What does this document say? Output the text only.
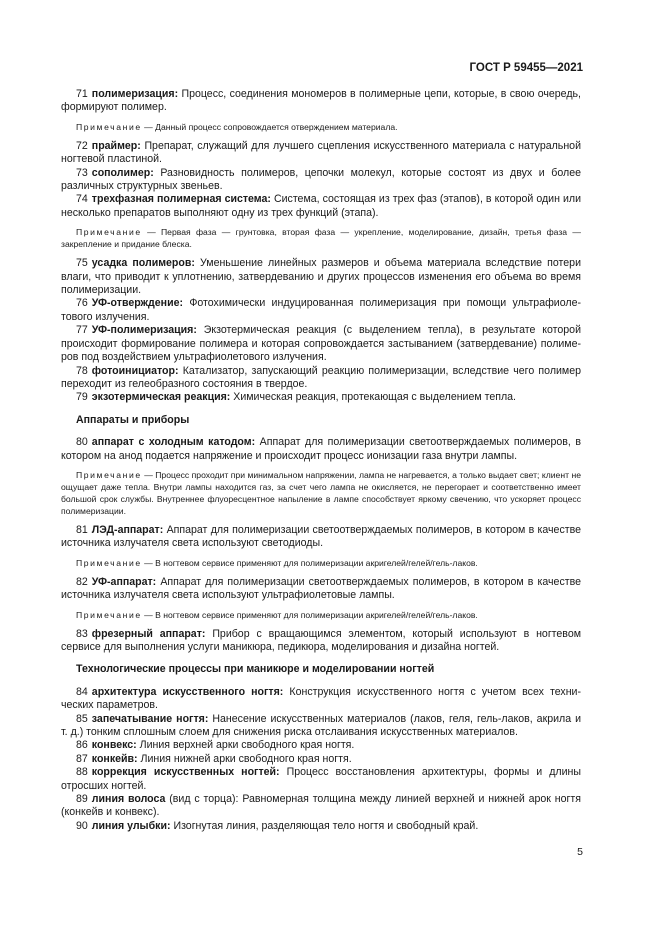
ГОСТ Р 59455—2021
71 полимеризация: Процесс, соединения мономеров в полимерные цепи, которые, в свою очередь, формируют полимер.
Примечание — Данный процесс сопровождается отверждением материала.
72 праймер: Препарат, служащий для лучшего сцепления искусственного материала с натуральной ногтевой пластиной.
73 сополимер: Разновидность полимеров, цепочки молекул, которые состоят из двух и более различных структурных звеньев.
74 трехфазная полимерная система: Система, состоящая из трех фаз (этапов), в которой один или несколько препаратов выполняют одну из трех функций (этапа).
Примечание — Первая фаза — грунтовка, вторая фаза — укрепление, моделирование, дизайн, третья фаза — закрепление и придание блеска.
75 усадка полимеров: Уменьшение линейных размеров и объема материала вследствие потери влаги, что приводит к уплотнению, затвердеванию и других процессов изменения его объема во время полимеризации.
76 УФ-отверждение: Фотохимически индуцированная полимеризация при помощи ультрафиолетового излучения.
77 УФ-полимеризация: Экзотермическая реакция (с выделением тепла), в результате которой происходит формирование полимера и которая сопровождается застыванием (затвердевание) полимеров под воздействием ультрафиолетового излучения.
78 фотоинициатор: Катализатор, запускающий реакцию полимеризации, вследствие чего полимер переходит из гелеобразного состояния в твердое.
79 экзотермическая реакция: Химическая реакция, протекающая с выделением тепла.
Аппараты и приборы
80 аппарат с холодным катодом: Аппарат для полимеризации светоотверждаемых полимеров, в котором на анод подается напряжение и происходит процесс ионизации газа внутри лампы.
Примечание — Процесс проходит при минимальном напряжении, лампа не нагревается, а только выдает свет; клиент не ощущает даже тепла. Внутри лампы находится газ, за счет чего лампа не окисляется, не перегорает и соответственно имеет большой срок службы. Внутреннее флуоресцентное напыление в лампе способствует яркому свечению, что ускоряет процесс полимеризации.
81 ЛЭД-аппарат: Аппарат для полимеризации светоотверждаемых полимеров, в котором в качестве источника излучателя света используют светодиоды.
Примечание — В ногтевом сервисе применяют для полимеризации акригелей/гелей/гель-лаков.
82 УФ-аппарат: Аппарат для полимеризации светоотверждаемых полимеров, в котором в качестве источника излучателя света используют ультрафиолетовые лампы.
Примечание — В ногтевом сервисе применяют для полимеризации акригелей/гелей/гель-лаков.
83 фрезерный аппарат: Прибор с вращающимся элементом, который используют в ногтевом сервисе для выполнения услуги маникюра, педикюра, моделирования и дизайна ногтей.
Технологические процессы при маникюре и моделировании ногтей
84 архитектура искусственного ногтя: Конструкция искусственного ногтя с учетом всех технических параметров.
85 запечатывание ногтя: Нанесение искусственных материалов (лаков, геля, гель-лаков, акрила и т. д.) тонким сплошным слоем для снижения риска отслаивания искусственных материалов.
86 конвекс: Линия верхней арки свободного края ногтя.
87 конкейв: Линия нижней арки свободного края ногтя.
88 коррекция искусственных ногтей: Процесс восстановления архитектуры, формы и длины отросших ногтей.
89 линия волоса (вид с торца): Равномерная толщина между линией верхней и нижней арок ногтя (конкейв и конвекс).
90 линия улыбки: Изогнутая линия, разделяющая тело ногтя и свободный край.
5
